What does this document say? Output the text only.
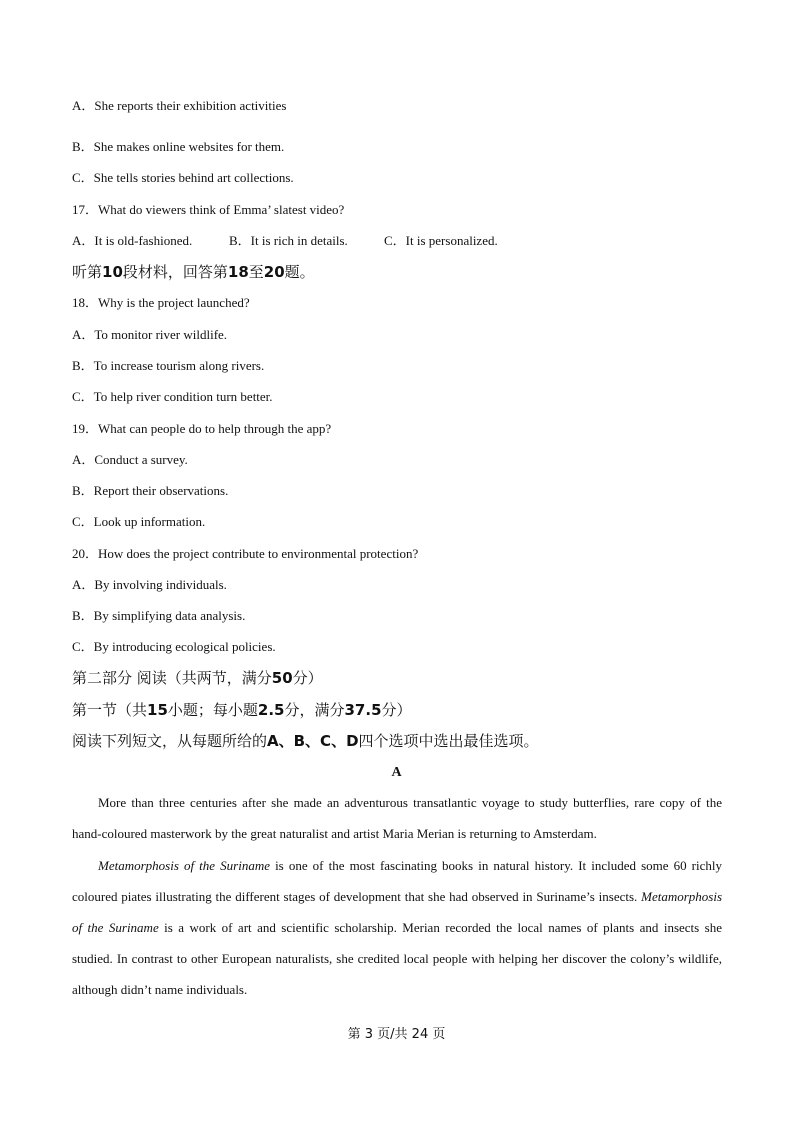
A．She reports their exhibition activities
B．She makes online websites for them.
C．She tells stories behind art collections.
17．What do viewers think of Emma’ slatest video?
A．It is old-fashioned.	B．It is rich in details.	C．It is personalized.
听第10段材料，回答第18至20题。
18．Why is the project launched?
A．To monitor river wildlife.
B．To increase tourism along rivers.
C．To help river condition turn better.
19．What can people do to help through the app?
A．Conduct a survey.
B．Report their observations.
C．Look up information.
20．How does the project contribute to environmental protection?
A．By involving individuals.
B．By simplifying data analysis.
C．By introducing ecological policies.
第二部分 阅读（共两节，满分50分）
第一节（共15小题；每小题2.5分，满分37.5分）
阅读下列短文，从每题所给的A、B、C、D四个选项中选出最佳选项。
A
More than three centuries after she made an adventurous transatlantic voyage to study butterflies, rare copy of the hand-coloured masterwork by the great naturalist and artist Maria Merian is returning to Amsterdam.
Metamorphosis of the Suriname is one of the most fascinating books in natural history. It included some 60 richly coloured piates illustrating the different stages of development that she had observed in Suriname’s insects. Metamorphosis of the Suriname is a work of art and scientific scholarship. Merian recorded the local names of plants and insects she studied. In contrast to other European naturalists, she credited local people with helping her discover the colony’s wildlife, although didn’t name individuals.
第 3 页/共 24 页
